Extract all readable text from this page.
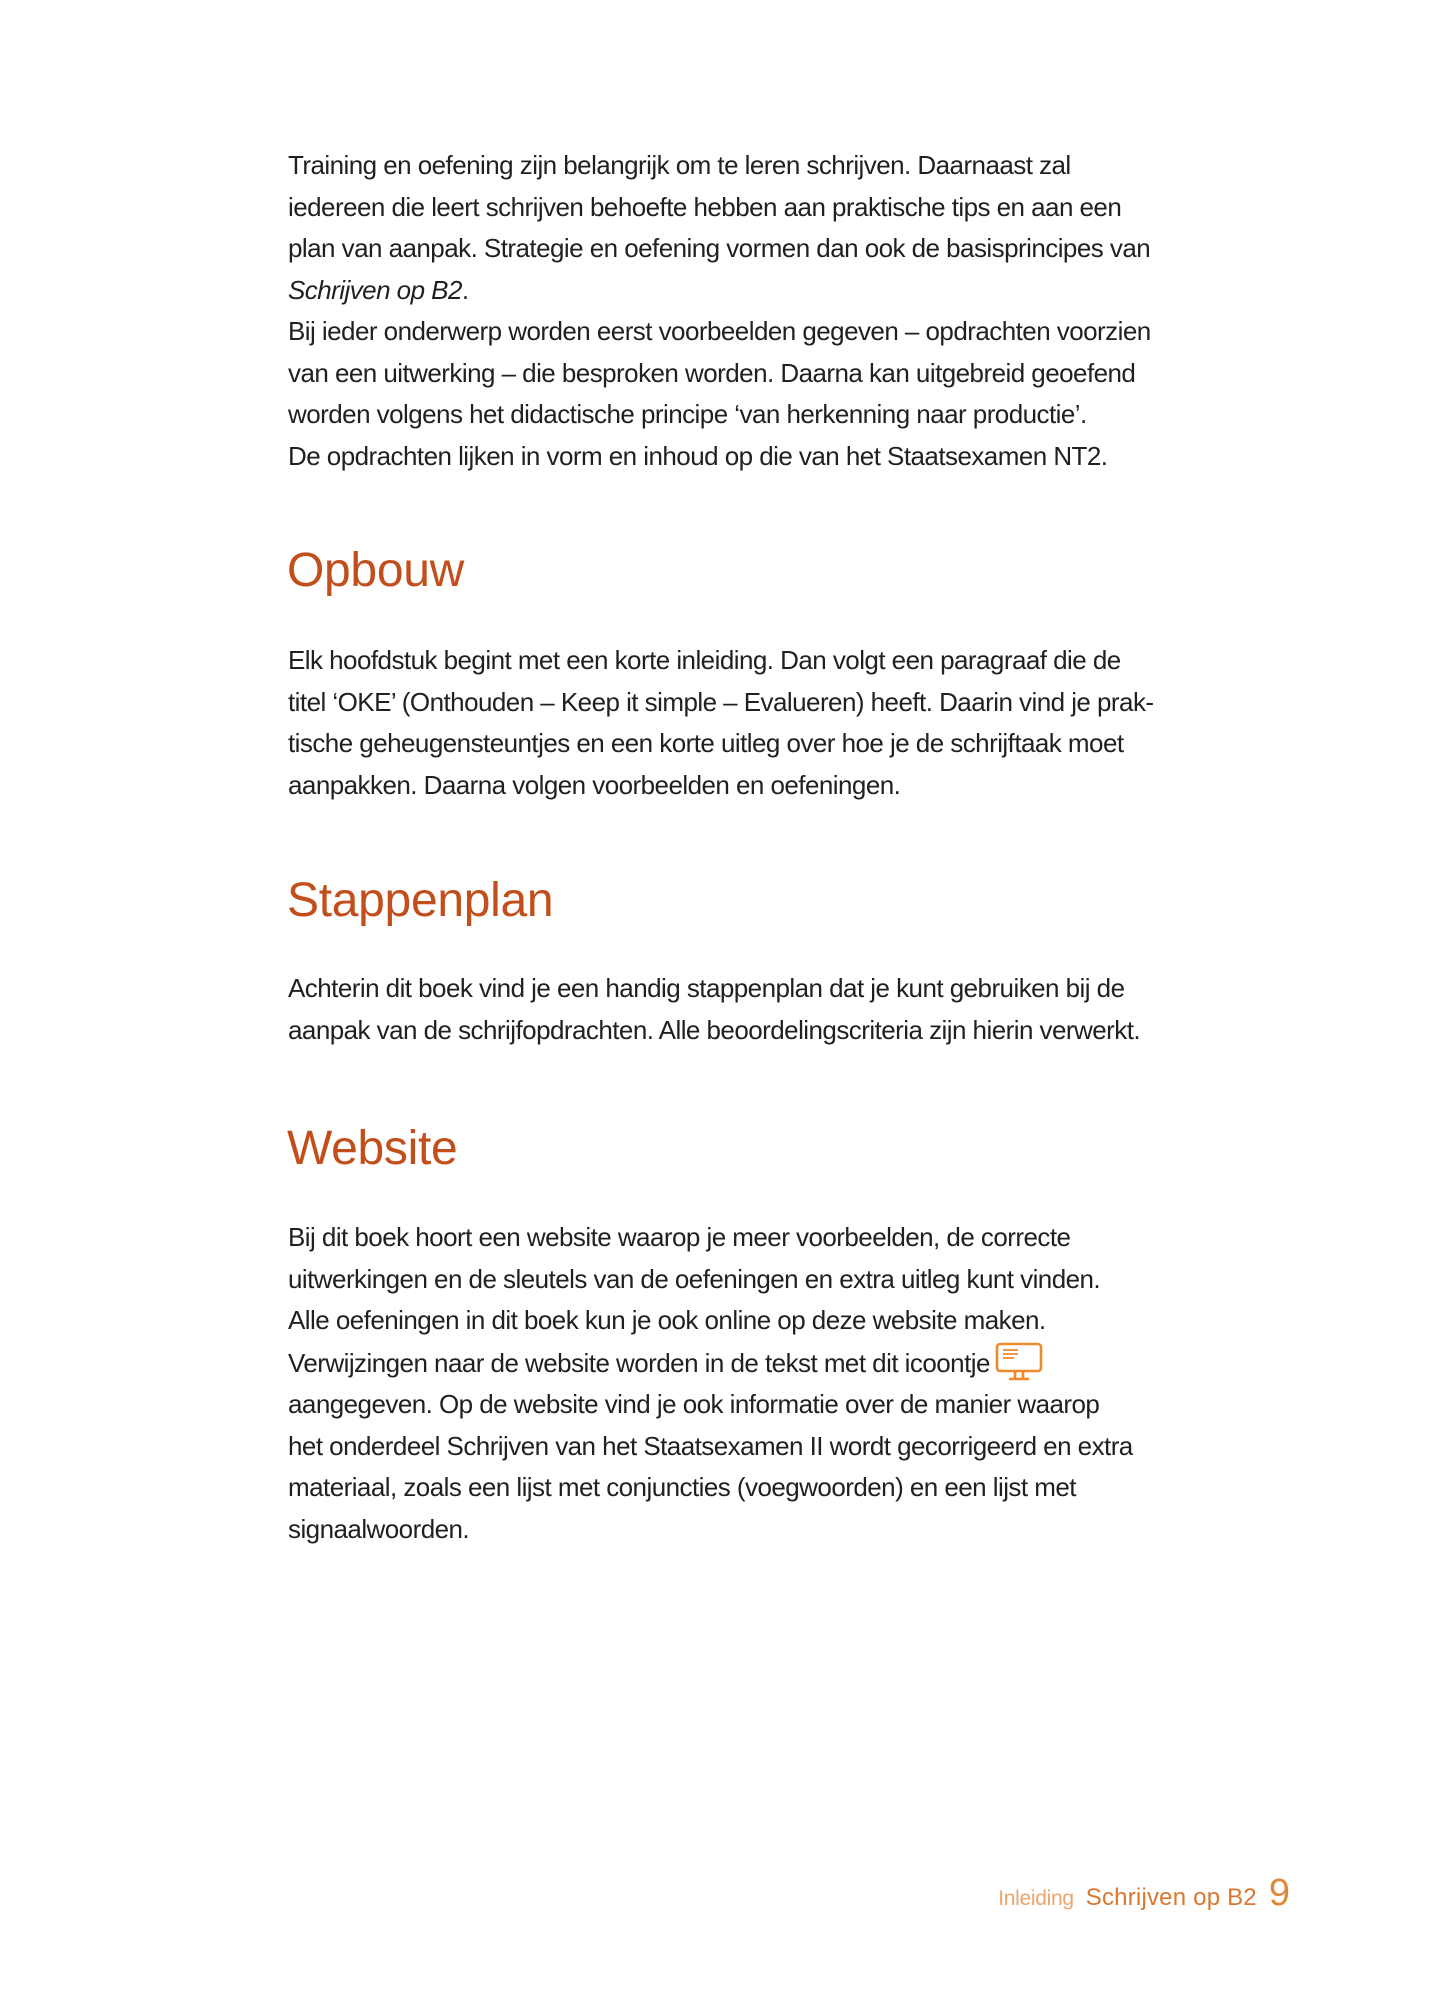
Training en oefening zijn belangrijk om te leren schrijven. Daarnaast zal
iedereen die leert schrijven behoefte hebben aan praktische tips en aan een
plan van aanpak. Strategie en oefening vormen dan ook de basisprincipes van
Schrijven op B2.
Bij ieder onderwerp worden eerst voorbeelden gegeven – opdrachten voorzien
van een uitwerking – die besproken worden. Daarna kan uitgebreid geoefend
worden volgens het didactische principe ‘van herkenning naar productie’.
De opdrachten lijken in vorm en inhoud op die van het Staatsexamen NT2.
Opbouw
Elk hoofdstuk begint met een korte inleiding. Dan volgt een paragraaf die de
titel ‘OKE’ (Onthouden – Keep it simple – Evalueren) heeft. Daarin vind je prak-
tische geheugensteuntjes en een korte uitleg over hoe je de schrijftaak moet
aanpakken. Daarna volgen voorbeelden en oefeningen.
Stappenplan
Achterin dit boek vind je een handig stappenplan dat je kunt gebruiken bij de
aanpak van de schrijfopdrachten. Alle beoordelingscriteria zijn hierin verwerkt.
Website
Bij dit boek hoort een website waarop je meer voorbeelden, de correcte
uitwerkingen en de sleutels van de oefeningen en extra uitleg kunt vinden.
Alle oefeningen in dit boek kun je ook online op deze website maken.
Verwijzingen naar de website worden in de tekst met dit icoontje
aangegeven. Op de website vind je ook informatie over de manier waarop
het onderdeel Schrijven van het Staatsexamen II wordt gecorrigeerd en extra
materiaal, zoals een lijst met conjuncties (voegwoorden) en een lijst met
signaalwoorden.
Inleiding Schrijven op B2 9
